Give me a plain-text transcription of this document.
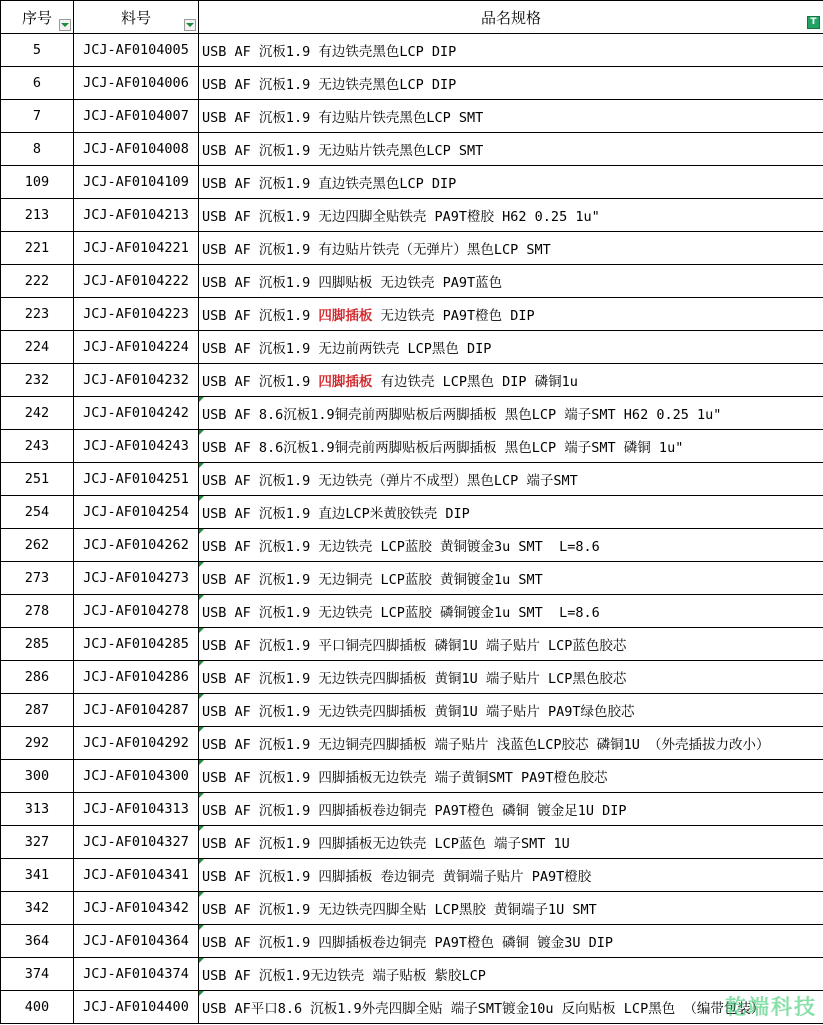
序号	料号	品名规格	T
5	JCJ-AF0104005 USB AF 沉板1.9 有边铁壳黑色LCP DIP
6	JCJ-AF0104006 USB AF 沉板1.9 无边铁壳黑色LCP DIP
7	JCJ-AF0104007 USB AF 沉板1.9 有边贴片铁壳黑色LCP SMT
8	JCJ-AF0104008 USB AF 沉板1.9 无边贴片铁壳黑色LCP SMT
109	JCJ-AF0104109 USB AF 沉板1.9 直边铁壳黑色LCP DIP
213	JCJ-AF0104213 USB AF 沉板1.9 无边四脚全贴铁壳 PA9T橙胶 H62 0.25 1u"
221	JCJ-AF0104221 USB AF 沉板1.9 有边贴片铁壳（无弹片）黑色LCP SMT
222	JCJ-AF0104222 USB AF 沉板1.9 四脚贴板 无边铁壳 PA9T蓝色
223	JCJ-AF0104223 USB AF 沉板1.9 四脚插板 无边铁壳 PA9T橙色 DIP
224	JCJ-AF0104224 USB AF 沉板1.9 无边前两铁壳 LCP黑色 DIP
232	JCJ-AF0104232 USB AF 沉板1.9 四脚插板 有边铁壳 LCP黑色 DIP 磷铜1u
242	JCJ-AF0104242 USB AF 8.6沉板1.9铜壳前两脚贴板后两脚插板 黑色LCP 端子SMT H62 0.25 1u"
243	JCJ-AF0104243 USB AF 8.6沉板1.9铜壳前两脚贴板后两脚插板 黑色LCP 端子SMT 磷铜 1u"
251	JCJ-AF0104251 USB AF 沉板1.9 无边铁壳（弹片不成型）黑色LCP 端子SMT
254	JCJ-AF0104254 USB AF 沉板1.9 直边LCP米黄胶铁壳 DIP
262	JCJ-AF0104262 USB AF 沉板1.9 无边铁壳 LCP蓝胶 黄铜镀金3u SMT  L=8.6
273	JCJ-AF0104273 USB AF 沉板1.9 无边铜壳 LCP蓝胶 黄铜镀金1u SMT
278	JCJ-AF0104278 USB AF 沉板1.9 无边铁壳 LCP蓝胶 磷铜镀金1u SMT  L=8.6
285	JCJ-AF0104285 USB AF 沉板1.9 平口铜壳四脚插板 磷铜1U 端子贴片 LCP蓝色胶芯
286	JCJ-AF0104286 USB AF 沉板1.9 无边铁壳四脚插板 黄铜1U 端子贴片 LCP黑色胶芯
287	JCJ-AF0104287 USB AF 沉板1.9 无边铁壳四脚插板 黄铜1U 端子贴片 PA9T绿色胶芯
292	JCJ-AF0104292 USB AF 沉板1.9 无边铜壳四脚插板 端子贴片 浅蓝色LCP胶芯 磷铜1U （外壳插拔力改小）
300	JCJ-AF0104300 USB AF 沉板1.9 四脚插板无边铁壳 端子黄铜SMT PA9T橙色胶芯
313	JCJ-AF0104313 USB AF 沉板1.9 四脚插板卷边铜壳 PA9T橙色 磷铜 镀金足1U DIP
327	JCJ-AF0104327 USB AF 沉板1.9 四脚插板无边铁壳 LCP蓝色 端子SMT 1U
341	JCJ-AF0104341 USB AF 沉板1.9 四脚插板 卷边铜壳 黄铜端子贴片 PA9T橙胶
342	JCJ-AF0104342 USB AF 沉板1.9 无边铁壳四脚全贴 LCP黑胶 黄铜端子1U SMT
364	JCJ-AF0104364 USB AF 沉板1.9 四脚插板卷边铜壳 PA9T橙色 磷铜 镀金3U DIP
374	JCJ-AF0104374 USB AF 沉板1.9无边铁壳 端子贴板 紫胶LCP
400	JCJ-AF0104400 USB AF平口8.6 沉板1.9外壳四脚全贴 端子SMT镀金10u 反向贴板 LCP黑色 （编带包装）
乾端科技
